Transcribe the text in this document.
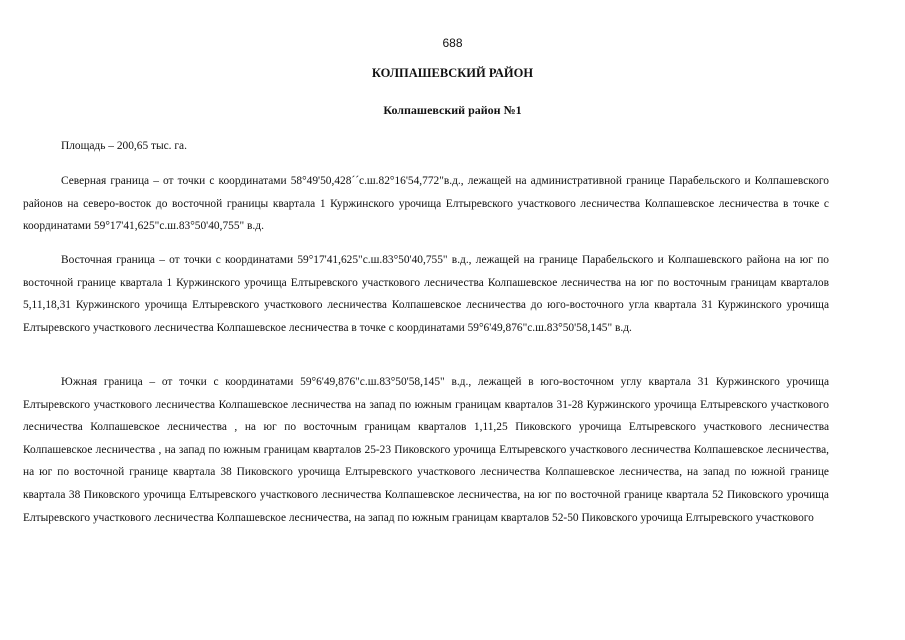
688
КОЛПАШЕВСКИЙ РАЙОН
Колпашевский район №1

Площадь – 200,65 тыс. га.

Северная граница – от точки с координатами 58°49'50,428´´с.ш.82°16'54,772"в.д., лежащей на административной границе Парабельского и Колпашевского районов на северо-восток до восточной границы квартала 1 Куржинского урочища Елтыревского участкового лесничества Колпашевское лесничества в точке с координатами 59°17'41,625"с.ш.83°50'40,755" в.д.

Восточная граница – от точки с координатами 59°17'41,625"с.ш.83°50'40,755" в.д., лежащей на границе Парабельского и Колпашевского района на юг по восточной границе квартала 1 Куржинского урочища Елтыревского участкового лесничества Колпашевское лесничества на юг по восточным границам кварталов 5,11,18,31 Куржинского урочища Елтыревского участкового лесничества Колпашевское лесничества до юго-восточного угла квартала 31 Куржинского урочища Елтыревского участкового лесничества Колпашевское лесничества в точке с координатами 59°6'49,876"с.ш.83°50'58,145" в.д.

Южная граница – от точки с координатами 59°6'49,876"с.ш.83°50'58,145" в.д., лежащей в юго-восточном углу квартала 31 Куржинского урочища Елтыревского участкового лесничества Колпашевское лесничества на запад по южным границам кварталов 31-28 Куржинского урочища Елтыревского участкового лесничества Колпашевское лесничества , на юг по восточным границам кварталов 1,11,25 Пиковского урочища Елтыревского участкового лесничества Колпашевское лесничества , на запад по южным границам кварталов 25-23 Пиковского урочища Елтыревского участкового лесничества Колпашевское лесничества, на юг по восточной границе квартала 38 Пиковского урочища Елтыревского участкового лесничества Колпашевское лесничества, на запад по южной границе квартала 38 Пиковского урочища Елтыревского участкового лесничества Колпашевское лесничества, на юг по восточной границе квартала 52 Пиковского урочища Елтыревского участкового лесничества Колпашевское лесничества, на запад по южным границам кварталов 52-50 Пиковского урочища Елтыревского участкового
